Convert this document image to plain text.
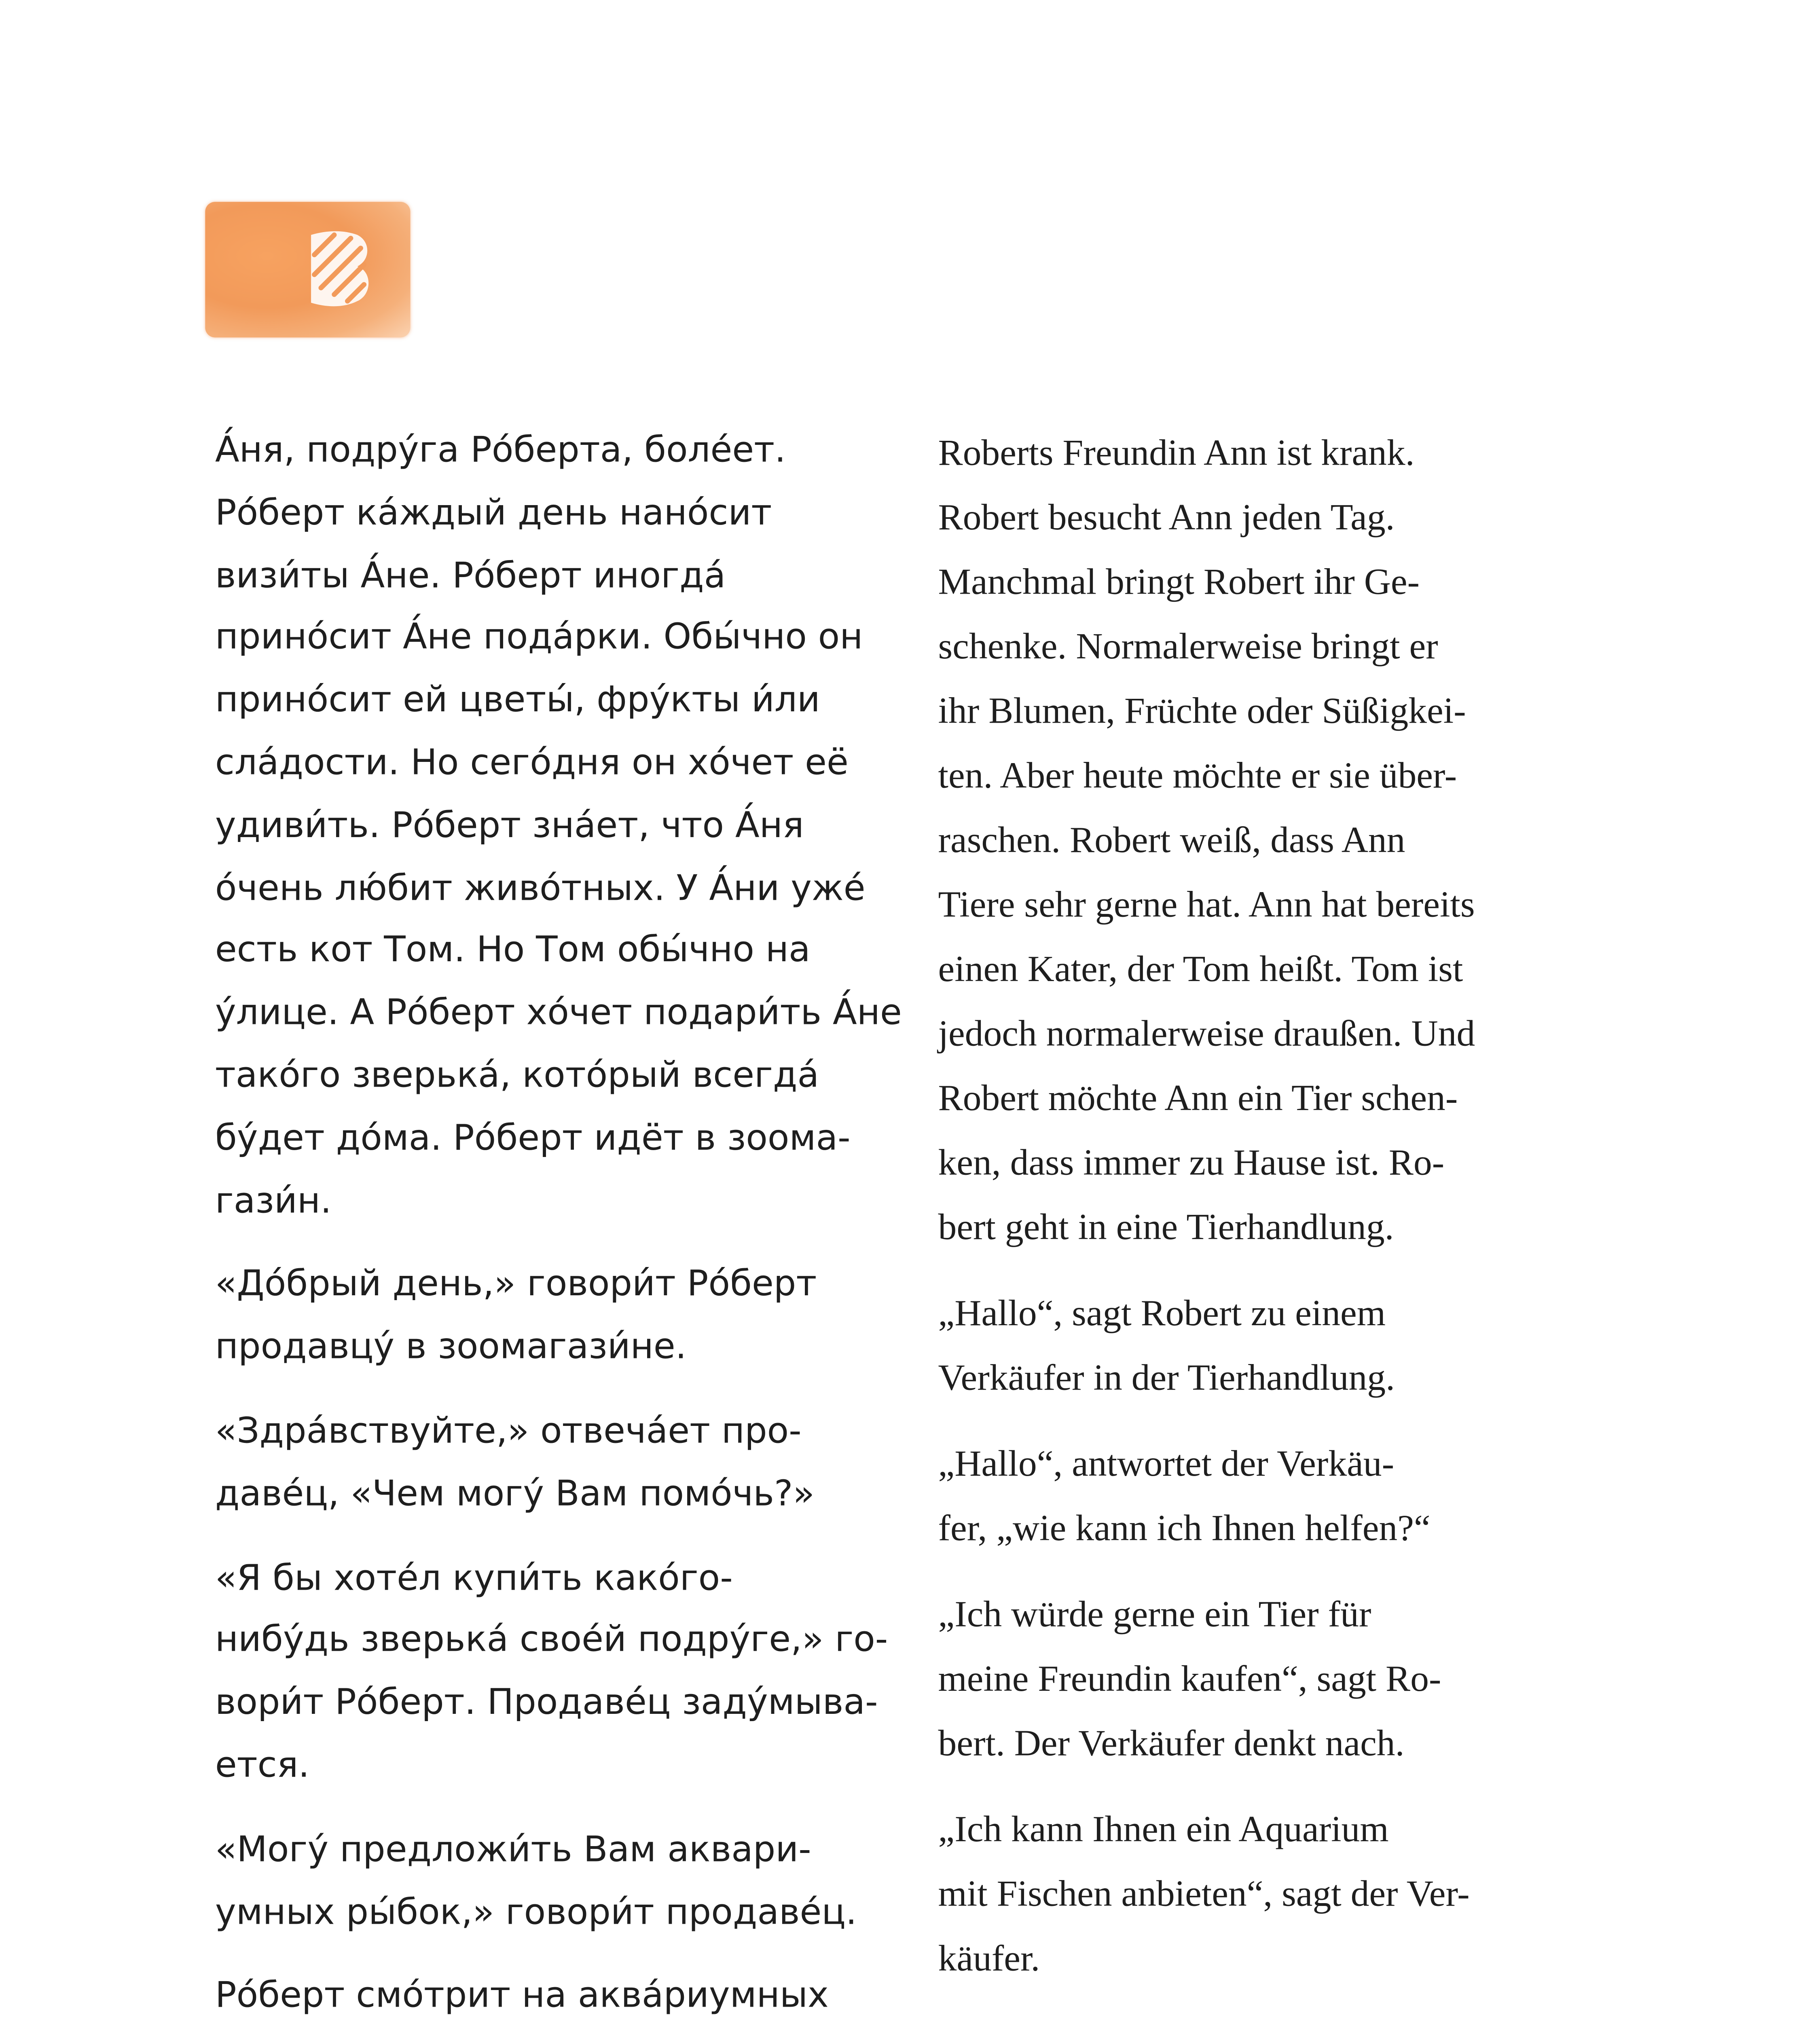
А́ня, подру́га Ро́берта, боле́ет.
Ро́берт ка́ждый день нано́сит
визи́ты А́не. Ро́берт иногда́
прино́сит А́не пода́рки. Обы́чно он
прино́сит ей цветы́, фру́кты и́ли
сла́дости. Но сего́дня он хо́чет её
удиви́ть. Ро́берт зна́ет, что А́ня
о́чень лю́бит живо́тных. У А́ни уже́
есть кот Том. Но Том обы́чно на
у́лице. А Ро́берт хо́чет подари́ть А́не
тако́го зверька́, кото́рый всегда́
бу́дет до́ма. Ро́берт идёт в зоома-
гази́н.

«До́брый день,» говори́т Ро́берт
продавцу́ в зоомагази́не.

«Здра́вствуйте,» отвеча́ет про-
даве́ц, «Чем могу́ Вам помо́чь?»

«Я бы хоте́л купи́ть како́го-
нибу́дь зверька́ свое́й подру́ге,» го-
вори́т Ро́берт. Продаве́ц заду́мыва-
ется.

«Могу́ предложи́ть Вам аквари-
умных ры́бок,» говори́т продаве́ц.

Ро́берт смо́трит на аква́риумных

Roberts Freundin Ann ist krank.
Robert besucht Ann jeden Tag.
Manchmal bringt Robert ihr Ge-
schenke. Normalerweise bringt er
ihr Blumen, Früchte oder Süßigkei-
ten. Aber heute möchte er sie über-
raschen. Robert weiß, dass Ann
Tiere sehr gerne hat. Ann hat bereits
einen Kater, der Tom heißt. Tom ist
jedoch normalerweise draußen. Und
Robert möchte Ann ein Tier schen-
ken, dass immer zu Hause ist. Ro-
bert geht in eine Tierhandlung.

„Hallo“, sagt Robert zu einem
Verkäufer in der Tierhandlung.

„Hallo“, antwortet der Verkäu-
fer, „wie kann ich Ihnen helfen?“

„Ich würde gerne ein Tier für
meine Freundin kaufen“, sagt Ro-
bert. Der Verkäufer denkt nach.

„Ich kann Ihnen ein Aquarium
mit Fischen anbieten“, sagt der Ver-
käufer.
